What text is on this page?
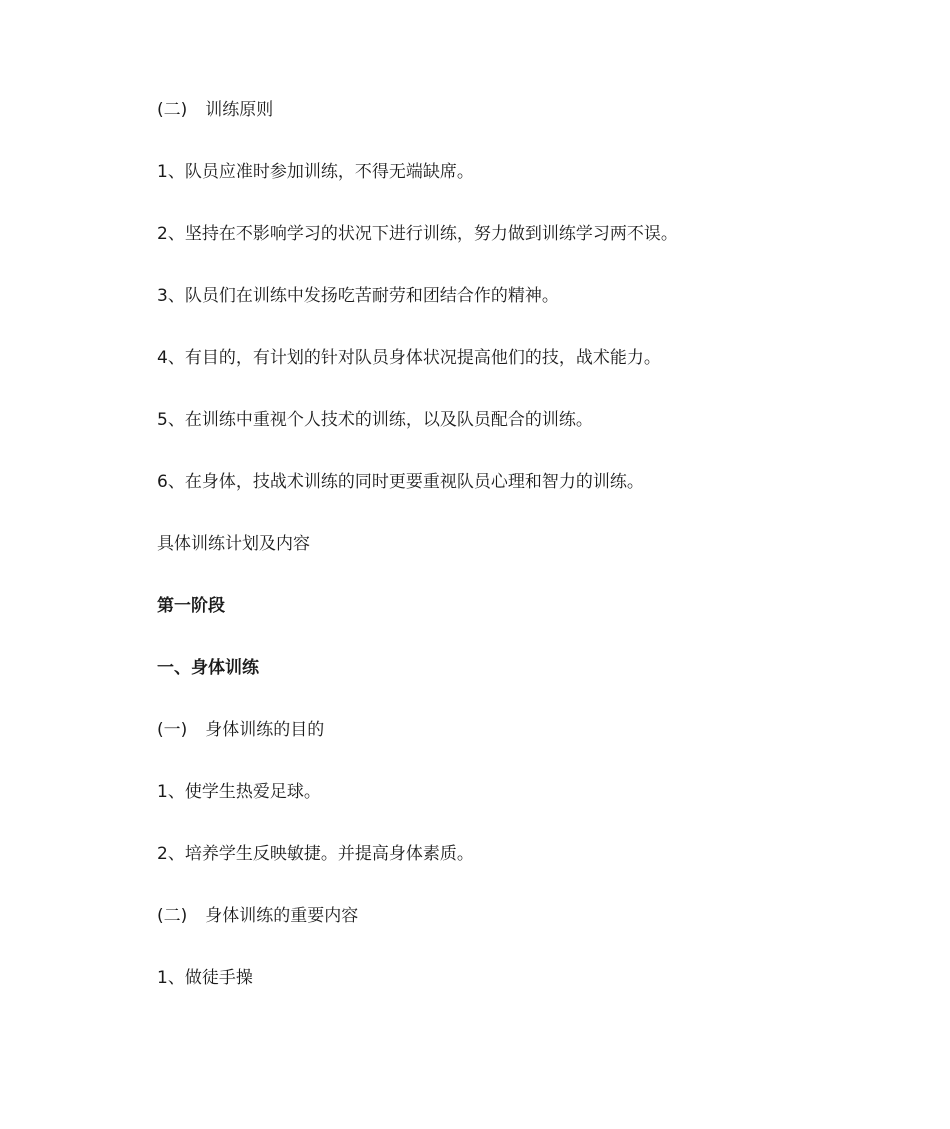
(二) 训练原则

1、队员应准时参加训练，不得无端缺席。

2、坚持在不影响学习的状况下进行训练，努力做到训练学习两不误。

3、队员们在训练中发扬吃苦耐劳和团结合作的精神。

4、有目的，有计划的针对队员身体状况提高他们的技，战术能力。

5、在训练中重视个人技术的训练，以及队员配合的训练。

6、在身体，技战术训练的同时更要重视队员心理和智力的训练。

具体训练计划及内容

第一阶段

一、身体训练

(一) 身体训练的目的

1、使学生热爱足球。

2、培养学生反映敏捷。并提高身体素质。

(二) 身体训练的重要内容

1、做徒手操
